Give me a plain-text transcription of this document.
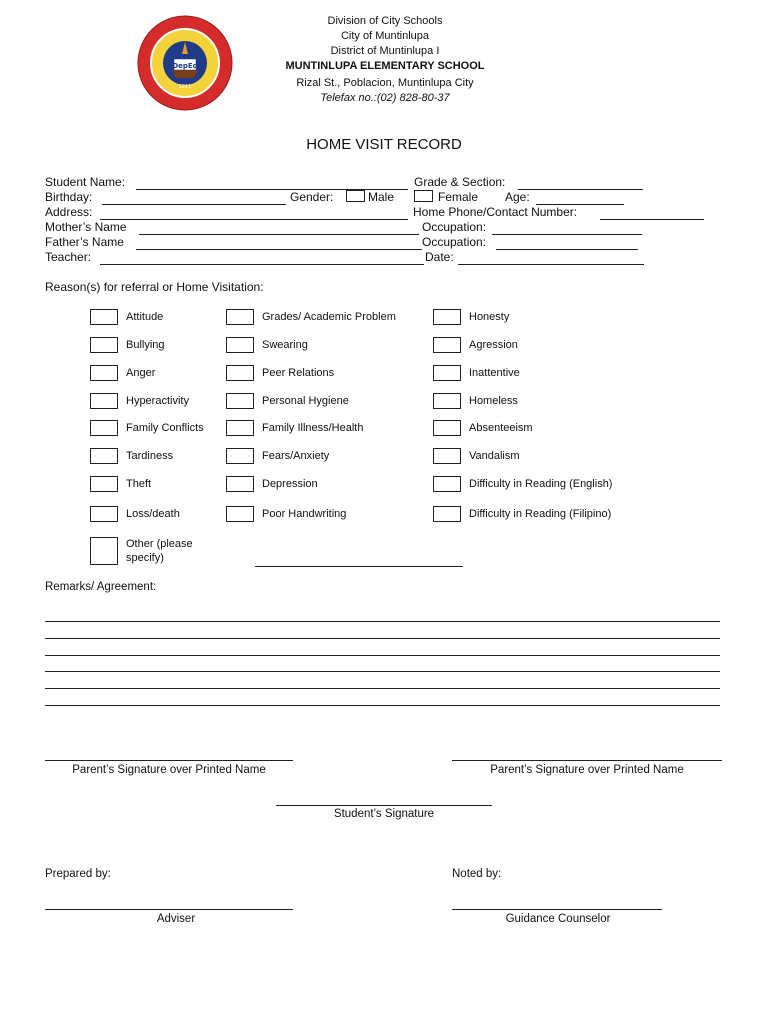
DepEd
1911
Division of City Schools
City of Muntinlupa
District of Muntinlupa I
MUNTINLUPA ELEMENTARY SCHOOL
Rizal St., Poblacion, Muntinlupa City
Telefax no.:(02) 828-80-37
HOME VISIT RECORD
Student Name:	Grade & Section:
Birthday:	Gender:	Male	Female Age:
Address:	Home Phone/Contact Number:
Mother’s Name	Occupation:
Father’s Name	Occupation:
Teacher:	Date:
Reason(s) for referral or Home Visitation:
Attitude	Grades/ Academic Problem	Honesty
Bullying	Swearing	Agression
Anger	Peer Relations	Inattentive
Hyperactivity	Personal Hygiene	Homeless
Family Conflicts	Family Illness/Health	Absenteeism
Tardiness	Fears/Anxiety	Vandalism
Theft	Depression	Difficulty in Reading (English)
Loss/death	Poor Handwriting	Difficulty in Reading (Filipino)
Other (please
specify)
Remarks/ Agreement:
Parent’s Signature over Printed Name	Parent’s Signature over Printed Name
Student’s Signature
Prepared by:	Noted by:
Adviser	Guidance Counselor
